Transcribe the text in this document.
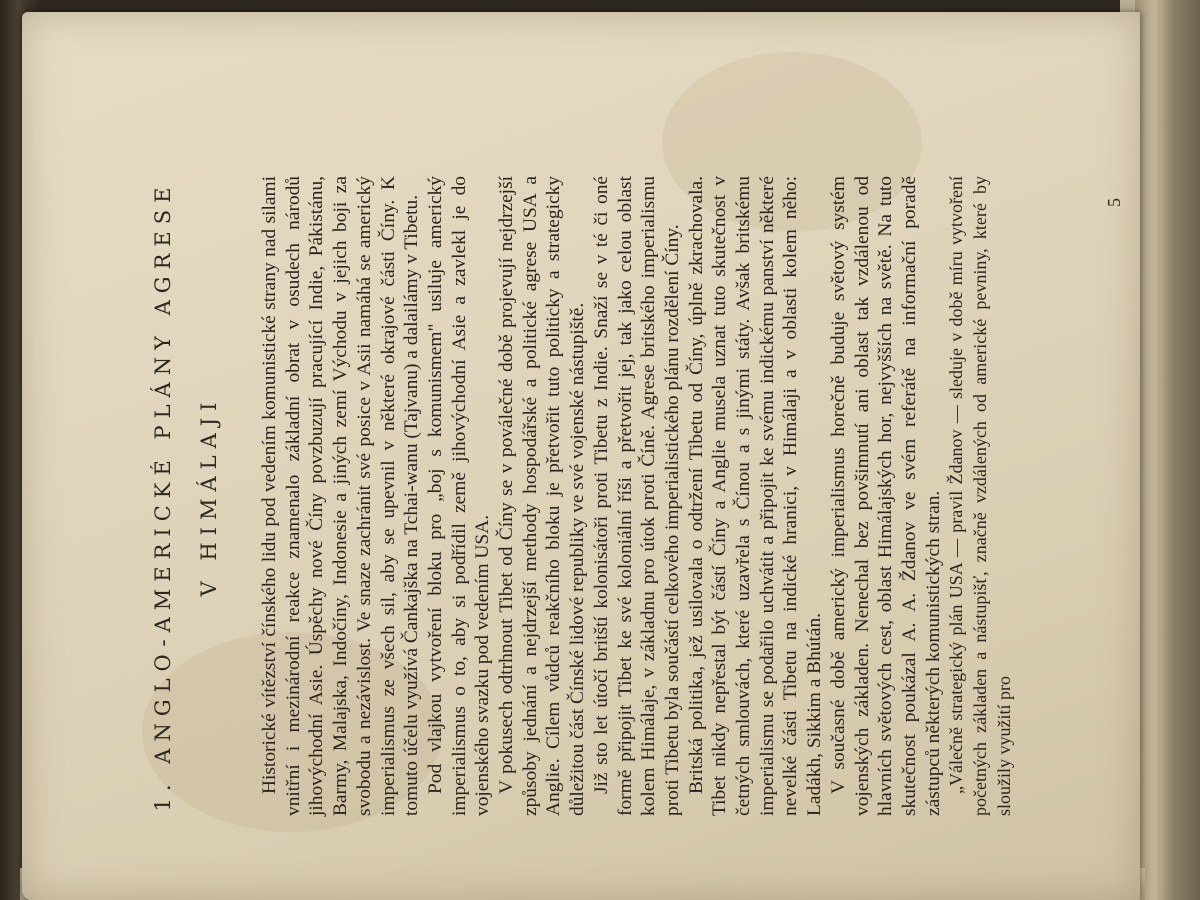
1. ANGLO-AMERICKÉ PLÁNY AGRESE	V HIMÁLAJI	Historické vítězství čínského lidu pod vedením komunistické strany nad silami vnitřní i mezinárodní reakce znamenalo základní obrat v osudech národů jihovýchodní Asie. Úspěchy nové Číny povzbuzují pracující Indie, Pákistánu, Barmy, Malajska, Indočíny, Indonesie a jiných zemí Východu v jejich boji za svobodu a nezávislost. Ve snaze zachránit své posice v Asii namáhá se americký imperialismus ze všech sil, aby se upevnil v některé okrajové části Číny. K tomuto účelu využívá Čankajška na Tchai-wanu (Tajvanu) a dalailámy v Tibetu. Pod vlajkou vytvoření bloku pro „boj s komunismem" usiluje americký imperialismus o to, aby si podřídil země jihovýchodní Asie a zavlekl je do vojenského svazku pod vedením USA. V pokusech odtrhnout Tibet od Číny se v poválečné době projevují nejdrzejší způsoby jednání a nejdrzejší methody hospodářské a politické agrese USA a Anglie. Cílem vůdců reakčního bloku je přetvořit tuto politicky a strategicky důležitou část Čínské lidové republiky ve své vojenské nástupiště. Již sto let útočí britští kolonisátoři proti Tibetu z Indie. Snaží se v té či oné formě připojit Tibet ke své koloniální říši a přetvořit jej, tak jako celou oblast kolem Himálaje, v základnu pro útok proti Číně. Agrese britského imperialismu proti Tibetu byla součástí celkového imperialistického plánu rozdělení Číny. Britská politika, jež usilovala o odtržení Tibetu od Číny, úplně zkrachovala. Tibet nikdy nepřestal být částí Číny a Anglie musela uznat tuto skutečnost v četných smlouvách, které uzavřela s Čínou a s jinými státy. Avšak britskému imperialismu se podařilo uchvátit a připojit ke svému indickému panství některé nevelké části Tibetu na indické hranici, v Himálaji a v oblasti kolem něho: Ladákh, Sikkim a Bhútán. V současné době americký imperialismus horečně buduje světový systém vojenských základen. Nenechal bez povšimnutí ani oblast tak vzdálenou od hlavních světových cest, oblast Himálajských hor, nejvyšších na světě. Na tuto skutečnost poukázal A. A. Ždanov ve svém referátě na informační poradě zástupců některých komunistických stran. „Válečně strategický plán USA — pravil Ždanov — sleduje v době míru vytvoření početných základen a nástupišť, značně vzdálených od americké pevniny, které by sloužily využití pro

5
